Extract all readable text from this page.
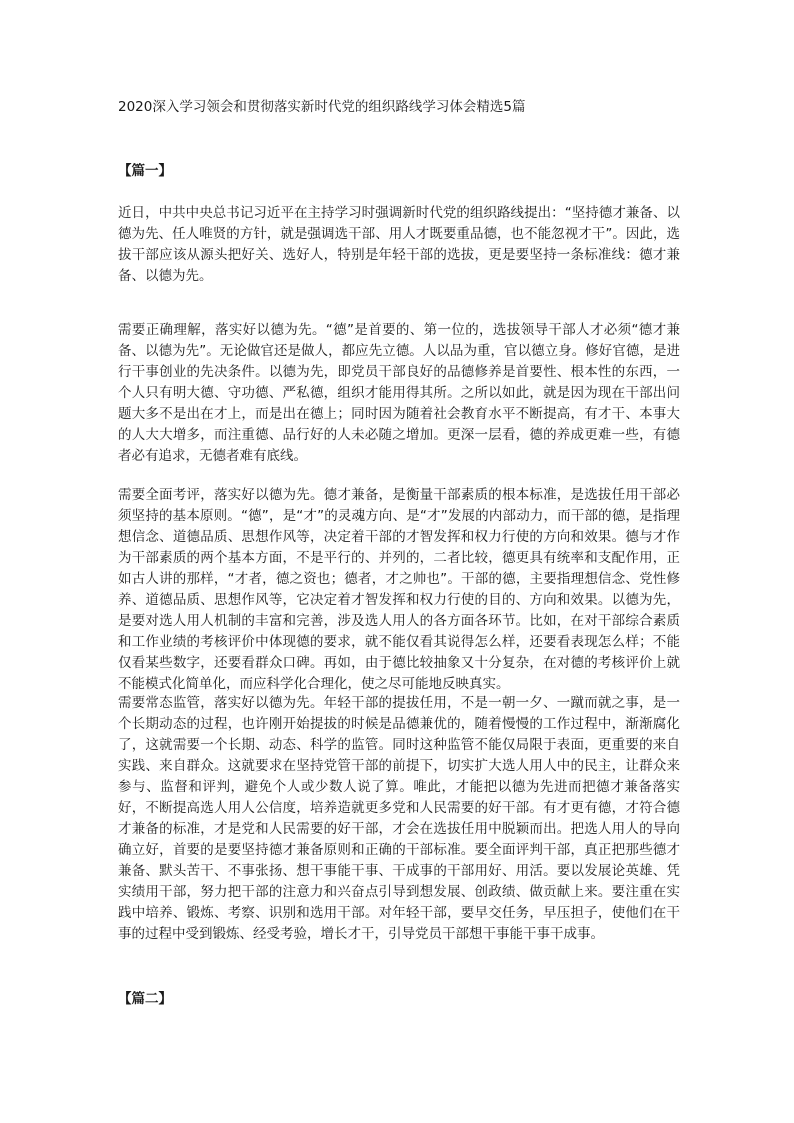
2020深入学习领会和贯彻落实新时代党的组织路线学习体会精选5篇
【篇一】
近日，中共中央总书记习近平在主持学习时强调新时代党的组织路线提出：“坚持德才兼备、以德为先、任人唯贤的方针，就是强调选干部、用人才既要重品德，也不能忽视才干”。因此，选拔干部应该从源头把好关、选好人，特别是年轻干部的选拔，更是要坚持一条标准线：德才兼备、以德为先。
需要正确理解，落实好以德为先。“德”是首要的、第一位的，选拔领导干部人才必须“德才兼备、以德为先”。无论做官还是做人，都应先立德。人以品为重，官以德立身。修好官德，是进行干事创业的先决条件。以德为先，即党员干部良好的品德修养是首要性、根本性的东西，一个人只有明大德、守功德、严私德，组织才能用得其所。之所以如此，就是因为现在干部出问题大多不是出在才上，而是出在德上；同时因为随着社会教育水平不断提高，有才干、本事大的人大大增多，而注重德、品行好的人未必随之增加。更深一层看，德的养成更难一些，有德者必有追求，无德者难有底线。
需要全面考评，落实好以德为先。德才兼备，是衡量干部素质的根本标准，是选拔任用干部必须坚持的基本原则。“德”，是“才”的灵魂方向、是“才”发展的内部动力，而干部的德，是指理想信念、道德品质、思想作风等，决定着干部的才智发挥和权力行使的方向和效果。德与才作为干部素质的两个基本方面，不是平行的、并列的，二者比较，德更具有统率和支配作用，正如古人讲的那样，“才者，德之资也；德者，才之帅也”。干部的德，主要指理想信念、党性修养、道德品质、思想作风等，它决定着才智发挥和权力行使的目的、方向和效果。以德为先，是要对选人用人机制的丰富和完善，涉及选人用人的各方面各环节。比如，在对干部综合素质和工作业绩的考核评价中体现德的要求，就不能仅看其说得怎么样，还要看表现怎么样；不能仅看某些数字，还要看群众口碑。再如，由于德比较抽象又十分复杂，在对德的考核评价上就不能模式化简单化，而应科学化合理化，使之尽可能地反映真实。
需要常态监管，落实好以德为先。年轻干部的提拔任用，不是一朝一夕、一蹴而就之事，是一个长期动态的过程，也许刚开始提拔的时候是品德兼优的，随着慢慢的工作过程中，渐渐腐化了，这就需要一个长期、动态、科学的监管。同时这种监管不能仅局限于表面，更重要的来自实践、来自群众。这就要求在坚持党管干部的前提下，切实扩大选人用人中的民主，让群众来参与、监督和评判，避免个人或少数人说了算。唯此，才能把以德为先进而把德才兼备落实好，不断提高选人用人公信度，培养造就更多党和人民需要的好干部。有才更有德，才符合德才兼备的标准，才是党和人民需要的好干部，才会在选拔任用中脱颖而出。把选人用人的导向确立好，首要的是要坚持德才兼备原则和正确的干部标准。要全面评判干部，真正把那些德才兼备、默头苦干、不事张扬、想干事能干事、干成事的干部用好、用活。要以发展论英雄、凭实绩用干部，努力把干部的注意力和兴奋点引导到想发展、创政绩、做贡献上来。要注重在实践中培养、锻炼、考察、识别和选用干部。对年轻干部，要早交任务，早压担子，使他们在干事的过程中受到锻炼、经受考验，增长才干，引导党员干部想干事能干事干成事。
【篇二】
